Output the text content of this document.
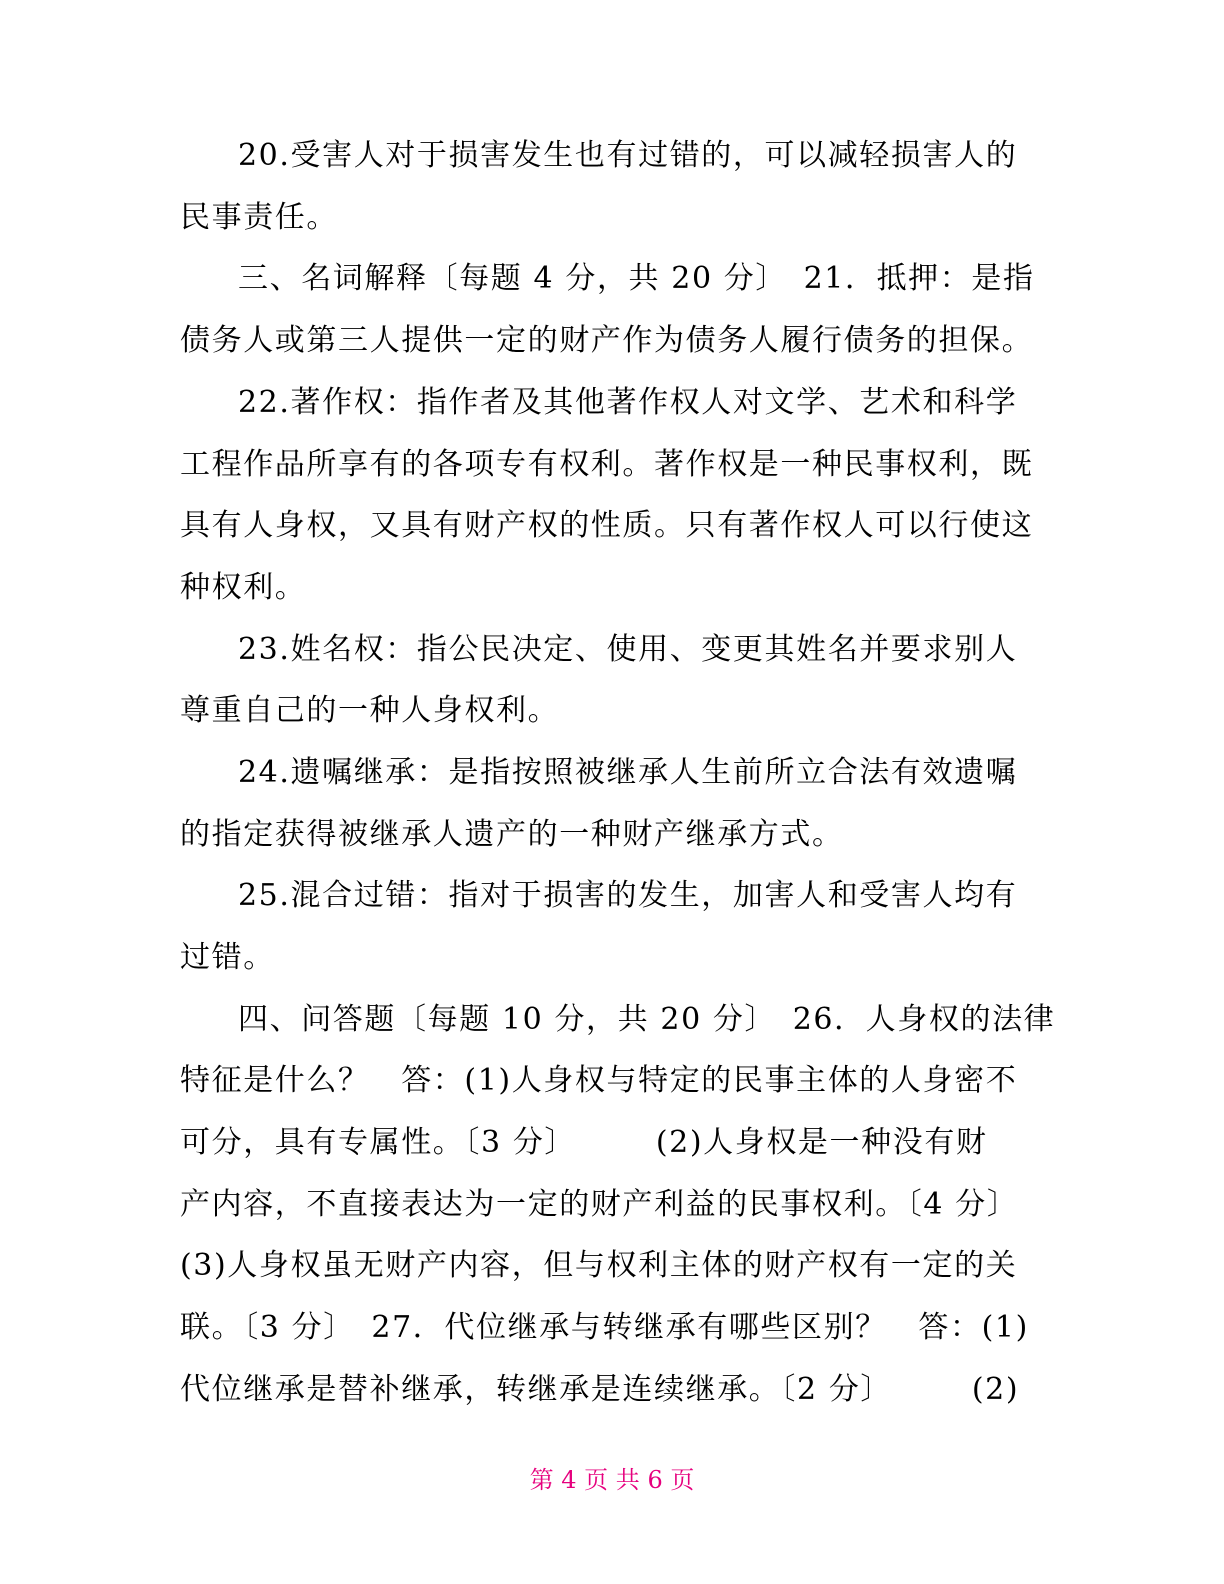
20.受害人对于损害发生也有过错的，可以减轻损害人的
民事责任。
三、名词解释〔每题 4 分，共 20 分〕　21．抵押：是指
债务人或第三人提供一定的财产作为债务人履行债务的担保。
22.著作权：指作者及其他著作权人对文学、艺术和科学
工程作品所享有的各项专有权利。著作权是一种民事权利，既
具有人身权，又具有财产权的性质。只有著作权人可以行使这
种权利。
23.姓名权：指公民决定、使用、变更其姓名并要求别人
尊重自己的一种人身权利。
24.遗嘱继承：是指按照被继承人生前所立合法有效遗嘱
的指定获得被继承人遗产的一种财产继承方式。
25.混合过错：指对于损害的发生，加害人和受害人均有
过错。
四、问答题〔每题 10 分，共 20 分〕　26．人身权的法律
特征是什么？　答：(1)人身权与特定的民事主体的人身密不
可分，具有专属性。〔3 分〕　　　(2)人身权是一种没有财
产内容，不直接表达为一定的财产利益的民事权利。〔4 分〕
(3)人身权虽无财产内容，但与权利主体的财产权有一定的关
联。〔3 分〕　27．代位继承与转继承有哪些区别？　答：(1)
代位继承是替补继承，转继承是连续继承。〔2 分〕　　　(2)
第 4 页 共 6 页
